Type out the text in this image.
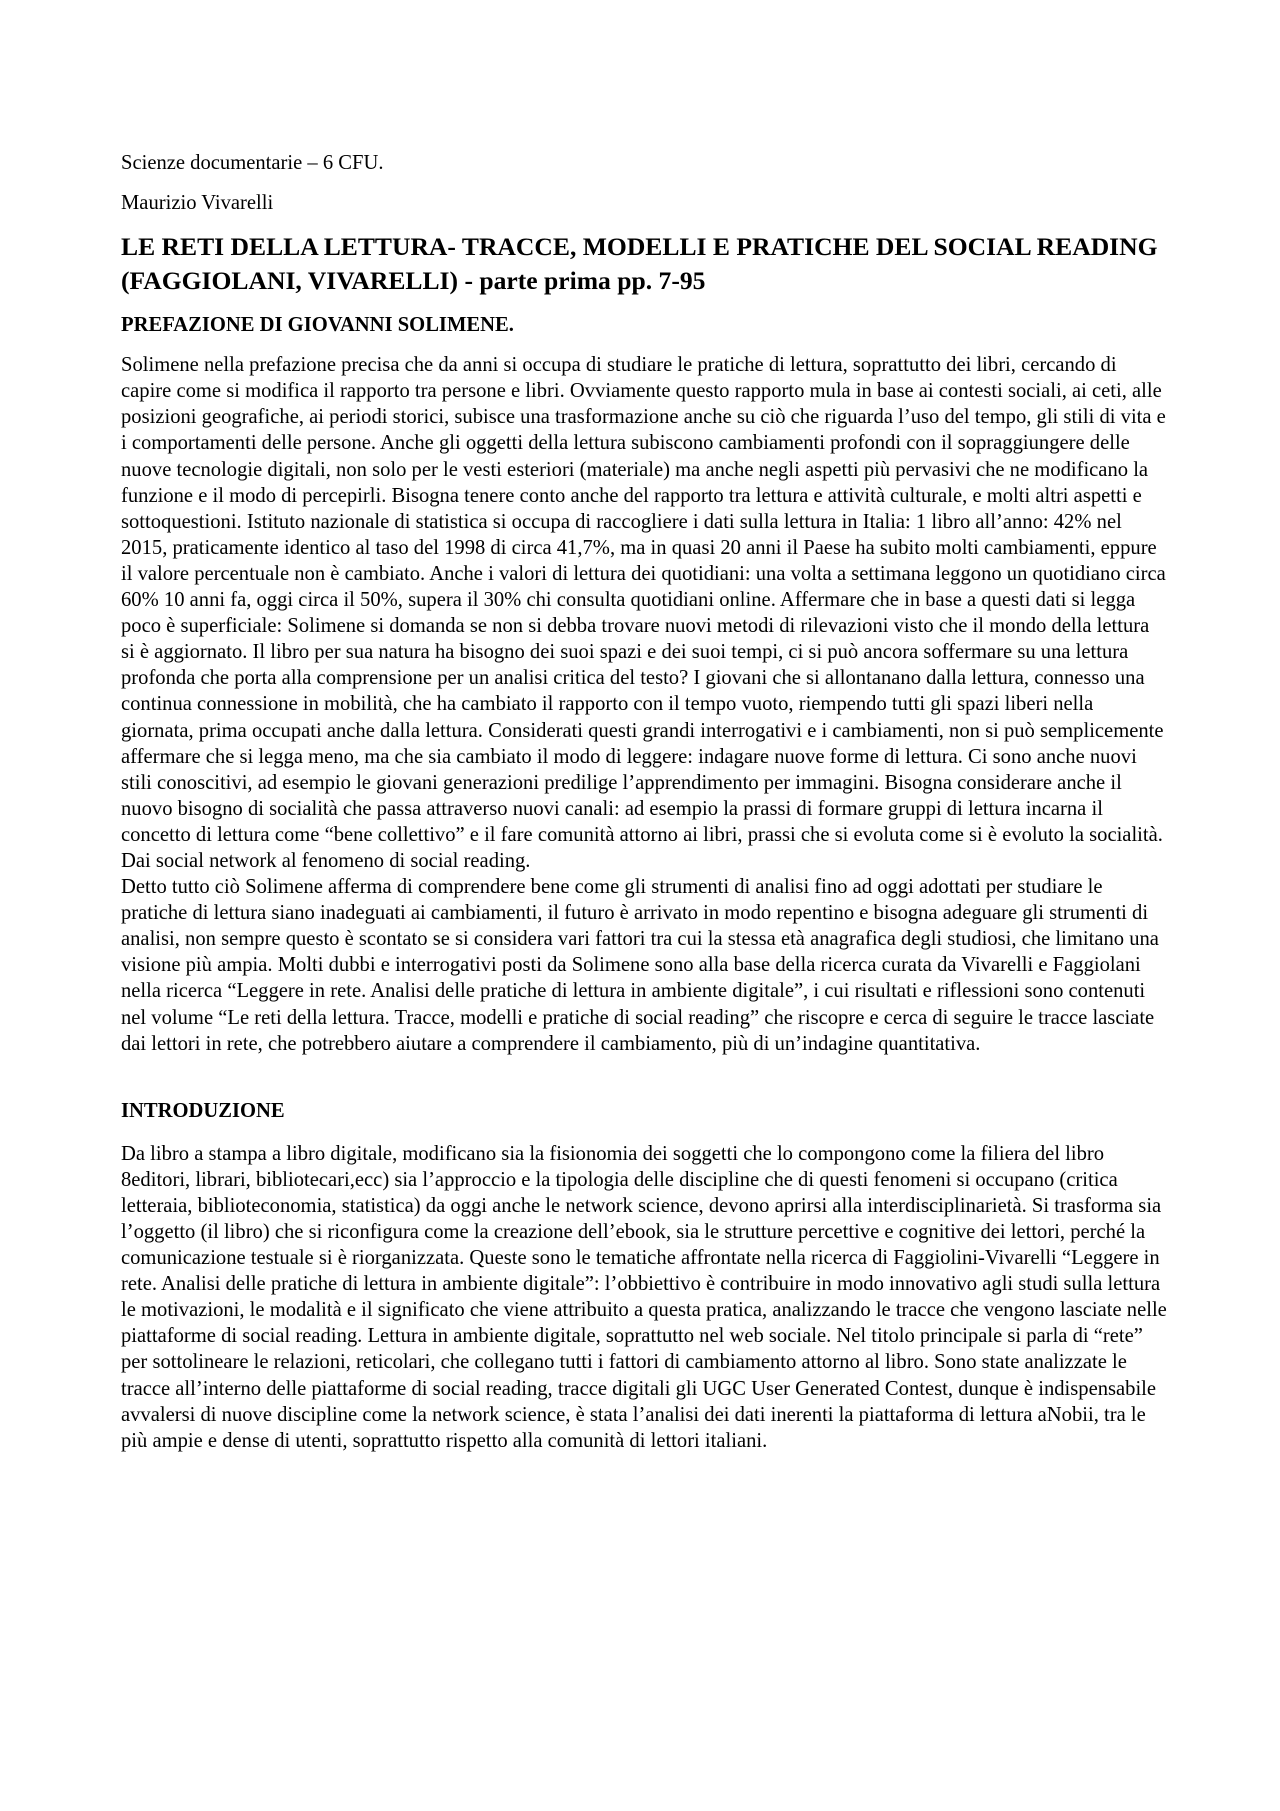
Scienze documentarie – 6 CFU.

Maurizio Vivarelli

LE RETI DELLA LETTURA- TRACCE, MODELLI E PRATICHE DEL SOCIAL READING (FAGGIOLANI, VIVARELLI) - parte prima pp. 7-95
PREFAZIONE DI GIOVANNI SOLIMENE.

Solimene nella prefazione precisa che da anni si occupa di studiare le pratiche di lettura, soprattutto dei libri, cercando di capire come si modifica il rapporto tra persone e libri. Ovviamente questo rapporto mula in base ai contesti sociali, ai ceti, alle posizioni geografiche, ai periodi storici, subisce una trasformazione anche su ciò che riguarda l’uso del tempo, gli stili di vita e i comportamenti delle persone. Anche gli oggetti della lettura subiscono cambiamenti profondi con il sopraggiungere delle nuove tecnologie digitali, non solo per le vesti esteriori (materiale) ma anche negli aspetti più pervasivi che ne modificano la funzione e il modo di percepirli. Bisogna tenere conto anche del rapporto tra lettura e attività culturale, e molti altri aspetti e sottoquestioni. Istituto nazionale di statistica si occupa di raccogliere i dati sulla lettura in Italia: 1 libro all’anno: 42% nel 2015, praticamente identico al taso del 1998 di circa 41,7%, ma in quasi 20 anni il Paese ha subito molti cambiamenti, eppure il valore percentuale non è cambiato. Anche i valori di lettura dei quotidiani: una volta a settimana leggono un quotidiano circa 60% 10 anni fa, oggi circa il 50%, supera il 30% chi consulta quotidiani online. Affermare che in base a questi dati si legga poco è superficiale: Solimene si domanda se non si debba trovare nuovi metodi di rilevazioni visto che il mondo della lettura si è aggiornato. Il libro per sua natura ha bisogno dei suoi spazi e dei suoi tempi, ci si può ancora soffermare su una lettura profonda che porta alla comprensione per un analisi critica del testo? I giovani che si allontanano dalla lettura, connesso una continua connessione in mobilità, che ha cambiato il rapporto con il tempo vuoto, riempendo tutti gli spazi liberi nella giornata, prima occupati anche dalla lettura. Considerati questi grandi interrogativi e i cambiamenti, non si può semplicemente affermare che si legga meno, ma che sia cambiato il modo di leggere: indagare nuove forme di lettura. Ci sono anche nuovi stili conoscitivi, ad esempio le giovani generazioni predilige l’apprendimento per immagini. Bisogna considerare anche il nuovo bisogno di socialità che passa attraverso nuovi canali: ad esempio la prassi di formare gruppi di lettura incarna il concetto di lettura come “bene collettivo” e il fare comunità attorno ai libri, prassi che si evoluta come si è evoluto la socialità. Dai social network al fenomeno di social reading.

Detto tutto ciò Solimene afferma di comprendere bene come gli strumenti di analisi fino ad oggi adottati per studiare le pratiche di lettura siano inadeguati ai cambiamenti, il futuro è arrivato in modo repentino e bisogna adeguare gli strumenti di analisi, non sempre questo è scontato se si considera vari fattori tra cui la stessa età anagrafica degli studiosi, che limitano una visione più ampia. Molti dubbi e interrogativi posti da Solimene sono alla base della ricerca curata da Vivarelli e Faggiolani nella ricerca “Leggere in rete. Analisi delle pratiche di lettura in ambiente digitale”, i cui risultati e riflessioni sono contenuti nel volume “Le reti della lettura. Tracce, modelli e pratiche di social reading” che riscopre e cerca di seguire le tracce lasciate dai lettori in rete, che potrebbero aiutare a comprendere il cambiamento, più di un’indagine quantitativa.

INTRODUZIONE

Da libro a stampa a libro digitale, modificano sia la fisionomia dei soggetti che lo compongono come la filiera del libro 8editori, librari, bibliotecari,ecc) sia l’approccio e la tipologia delle discipline che di questi fenomeni si occupano (critica letteraia, biblioteconomia, statistica) da oggi anche le network science, devono aprirsi alla interdisciplinarietà. Si trasforma sia l’oggetto (il libro) che si riconfigura come la creazione dell’ebook, sia le strutture percettive e cognitive dei lettori, perché la comunicazione testuale si è riorganizzata. Queste sono le tematiche affrontate nella ricerca di Faggiolini-Vivarelli “Leggere in rete. Analisi delle pratiche di lettura in ambiente digitale”: l’obbiettivo è contribuire in modo innovativo agli studi sulla lettura le motivazioni, le modalità e il significato che viene attribuito a questa pratica, analizzando le tracce che vengono lasciate nelle piattaforme di social reading. Lettura in ambiente digitale, soprattutto nel web sociale. Nel titolo principale si parla di “rete” per sottolineare le relazioni, reticolari, che collegano tutti i fattori di cambiamento attorno al libro. Sono state analizzate le tracce all’interno delle piattaforme di social reading, tracce digitali gli UGC User Generated Contest, dunque è indispensabile avvalersi di nuove discipline come la network science, è stata l’analisi dei dati inerenti la piattaforma di lettura aNobii, tra le più ampie e dense di utenti, soprattutto rispetto alla comunità di lettori italiani.
